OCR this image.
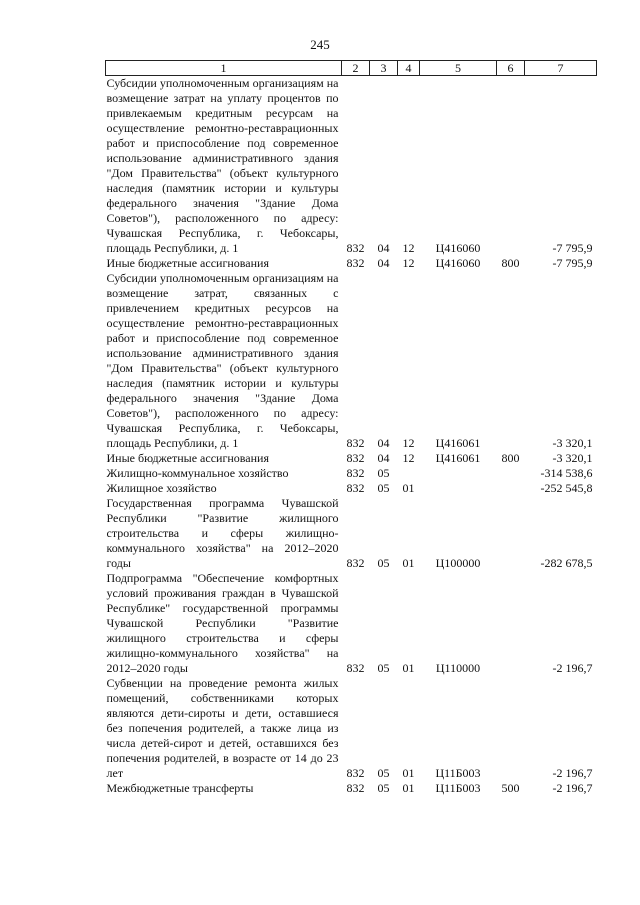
245
1	2	3	4	5	6	7
Субсидии уполномоченным организациям на возмещение затрат на уплату процентов по привлекаемым кредитным ресурсам на осуществление ремонтно-реставрационных работ и приспособление под современное использование административного здания "Дом Правительства" (объект культурного наследия (памятник истории и культуры федерального значения "Здание Дома Советов"), расположенного по адресу: Чувашская Республика, г. Чебоксары, площадь Республики, д. 1	832	04	12	Ц416060		-7 795,9
Иные бюджетные ассигнования	832	04	12	Ц416060	800	-7 795,9
Субсидии уполномоченным организациям на возмещение затрат, связанных с привлечением кредитных ресурсов на осуществление ремонтно-реставрационных работ и приспособление под современное использование административного здания "Дом Правительства" (объект культурного наследия (памятник истории и культуры федерального значения "Здание Дома Советов"), расположенного по адресу: Чувашская Республика, г. Чебоксары, площадь Республики, д. 1	832	04	12	Ц416061		-3 320,1
Иные бюджетные ассигнования	832	04	12	Ц416061	800	-3 320,1
Жилищно-коммунальное хозяйство	832	05				-314 538,6
Жилищное хозяйство	832	05	01			-252 545,8
Государственная программа Чувашской Республики "Развитие жилищного строительства и сферы жилищно-коммунального хозяйства" на 2012–2020 годы	832	05	01	Ц100000		-282 678,5
Подпрограмма "Обеспечение комфортных условий проживания граждан в Чувашской Республике" государственной программы Чувашской Республики "Развитие жилищного строительства и сферы жилищно-коммунального хозяйства" на 2012–2020 годы	832	05	01	Ц110000		-2 196,7
Субвенции на проведение ремонта жилых помещений, собственниками которых являются дети-сироты и дети, оставшиеся без попечения родителей, а также лица из числа детей-сирот и детей, оставшихся без попечения родителей, в возрасте от 14 до 23 лет	832	05	01	Ц11Б003		-2 196,7
Межбюджетные трансферты	832	05	01	Ц11Б003	500	-2 196,7
